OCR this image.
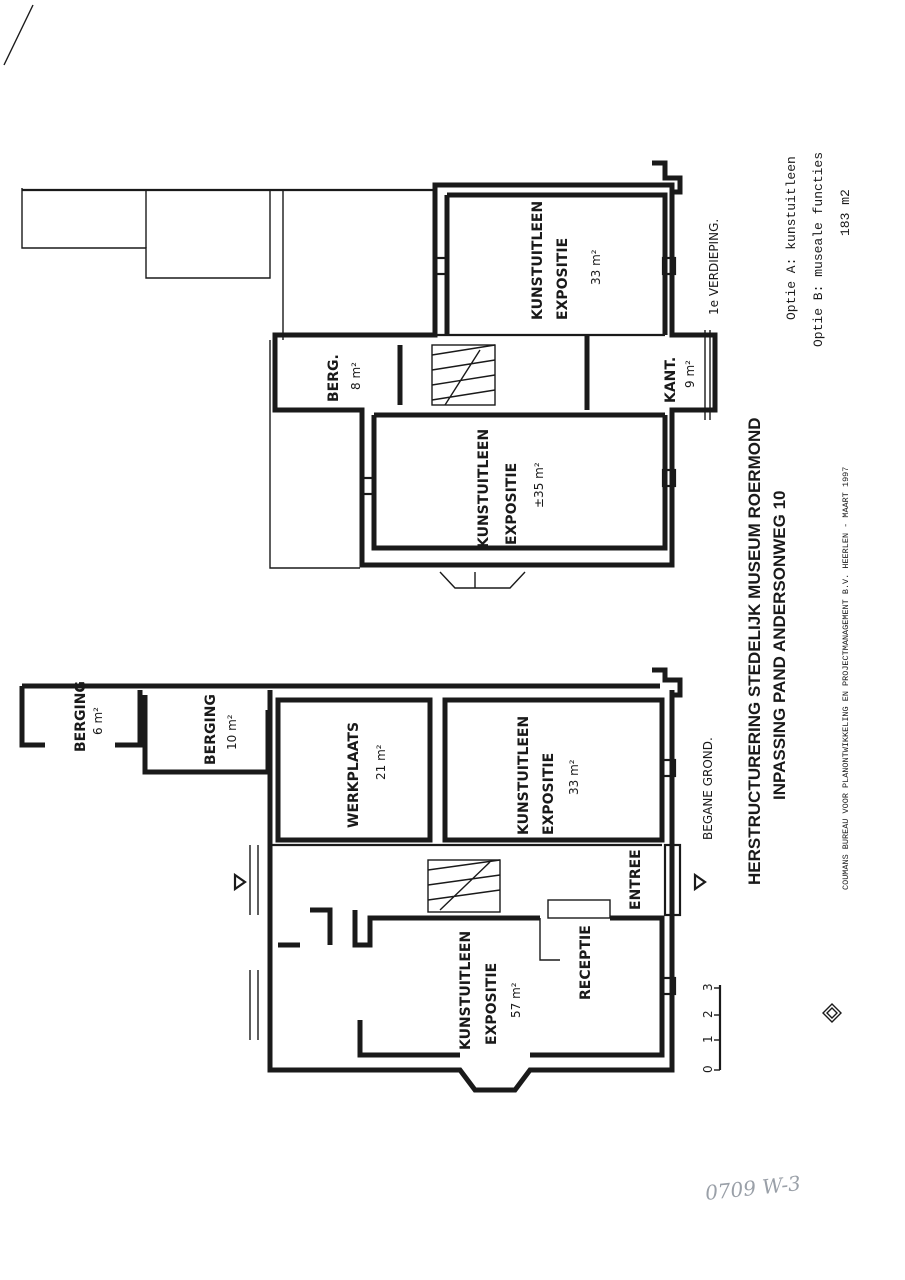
0
1
2
3
KUNSTUITLEEN EXPOSITIE 33 m²
KUNSTUITLEEN EXPOSITIE ±35 m²
BERG. 8 m²	KANT. 9 m²
1e VERDIEPING.
BERGING 6 m²	BERGING 10 m²	WERKPLAATS 21 m²	KUNSTUITLEEN EXPOSITIE 33 m²
ENTREE
RECEPTIE
KUNSTUITLEEN EXPOSITIE 57 m²
BEGANE GROND. HERSTRUCTURERING STEDELIJK MUSEUM ROERMOND INPASSING PAND ANDERSONWEG 10	COUMANS BUREAU VOOR PLANONTWIKKELING EN PROJECTMANAGEMENT B.V. HEERLEN - MAART 1997
Optie A: kunstuitleen Optie B: museale functies 183 m2
0709 W-3
